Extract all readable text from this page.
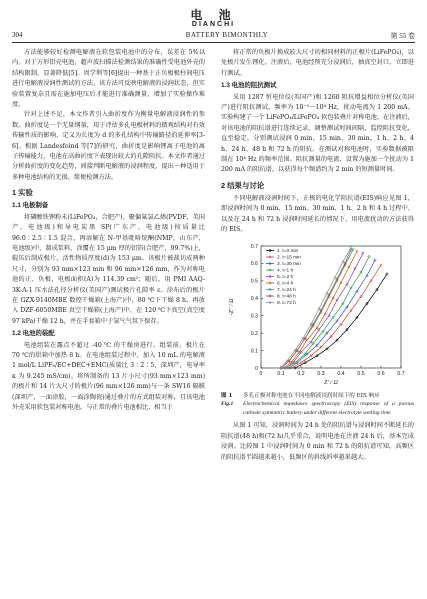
电 池
DIANCHI
304	BATTERY BIMONTHLY	第 55 卷

方法能够较好检测电解液在软包装电池中的分布，误差在 5%以内。对于方形铝壳电池，超声波扫描法检测结果的准确性受电池外壳的结构限制，显著降低[5]。周学利等[6]提出一种基于正负极极柱间电压进行电解液浸润性测试的方法。该方法可反映电解液的浸润状态，但实验装置复杂且需在施加电压后才能进行准确测量，增加了实验操作难度。

针对上述不足，本文作者引入曲折度作为衡量电解液浸润性的参数。曲折度是一个无量纲量，用于评估多孔电极材料的微观结构对有效传输性质的影响，定义为长度为 d 的多孔结构中传输路径的延伸率[3-6]。根据 Landesfeind 等[7]的研究，曲折度是影响锂离子电池的离子传输能力，电池在高曲折度下表现出较大的孔隙阻抗。本文作者通过分析曲折度的变化趋势，间接判断电解液的浸润程度，提出一种适用于多种电池结构的无损、简便检测方法。

1 实验
1.1 电极制备

将磷酸铁锂粉末(LiFePO₄，合肥产)、聚偏氟氯乙烯(PVDF，美国产，电池级)和导电炭黑 SP(广东产，电池级)按质量比 96.0∶2.5∶1.5 混合，再溶解在 N-甲基吡咯烷酮(NMP，山东产，电池级)中，制成浆料，涂覆在 15 μm 厚的铝箔(合肥产，99.7%)上，辊压后制成极片，活性物质厚度(d)为 153 μm。该极片被裁切成两种尺寸，分别为 93 mm×123 mm 和 96 mm×126 mm，作为对称电池的正、负极，电极面积(A)为 114.39 cm²；随后，用 PMI AAQ-3K-A-1 压水法孔径分析仪(美国产)测试极片孔隙率 ε。涂布后的极片在 GZX-9140MBE 数控干燥箱(上海产)中，80 ℃下干燥 8 h，再放入 DZF-6050MBE 真空干燥箱(上海产)中，在 120 ℃下真空(真空度 97 kPa)干燥 12 h，并在手套箱中于氩气气氛下保存。

1.2 电池的装配

电池组装在露点不超过 -40 ℃ 的干燥房进行。组装前，极片在 70 ℃的烘箱中加热 8 h。在电池组装过程中，加入 10 mL 的电解液 1 mol/L LiPF₆/EC+DEC+EMC(质量比 3∶2∶5，深圳产，电导率 κ 为 9.245 mS/cm)。将所制备的 13 片小尺寸(93 mm×123 mm)的极片和 14 片大尺寸的极片(96 mm×126 mm)与一条 SW16 隔膜(深圳产，一面涂胶，一面涂陶瓷)通过叠片的方式组装对称，且该电池外壳采用软包装对称电池。与正常的叠片电池相比，相当于

将正常的负极片换成较大尺寸的相同材料的正极片(LiFePO₄)，以免极片发生锂化。注液后，电池经预充分浸润后，抽真空封口，立即进行测试。

1.3 电池的阻抗测试

采用 1287 恒电位仪(英国产)和 1260 阻抗增益相位分析仪(英国产)进行阻抗测试，频率为 10⁻¹～10⁴ Hz，扰动电流为 1 200 mA。实验构建了一个 LiFePO₄/LiFePO₄ 软包装叠片对称电池。在注液后，对该电池的阻抗谱进行连续记录，调整测试时间间隔，监控阻抗变化，直至稳定。分别测试浸润 0 min、15 min、30 min、1 h、2 h、4 h、24 h、48 h 和 72 h 的阻抗。在测试对称电池时，实验数据被限制在 10⁴ Hz 的频率范围。阻抗测量的电流，设置为施加一个扰动为 1 200 mA 的阻抗谱，以获得每个频谱约为 2 min 的短测量时间。

2 结果与讨论

不同电解液浸润时间下，正极的电化学阻抗谱(EIS)响应见图 1，即浸润时间为 0 min、15 min、30 min、1 h、2 h 和 4 h 过程中，以及在 24 h 和 72 h 浸润时间延长的情况下，用电流扰动的方法获得的 EIS。

0	0.1 0.2 0.3 0.4 0.5 0.6 0.7
0
0.1
0.2
0.3
0.4
0.5
0.6
0.7
Z' / Ω
-Z'' / Ω
1. t=0 min
2. t=15 min
3. t=30 min
4. t=1 h
5. t=2 h
6. t=4 h
7. t=24 h
8. t=48 h
9. t=72 h
图 1	多孔正极对称电池在不同电解液浸润时间下的 EIS 响应
Fig.1	Electrochemical impedance spectroscopy (EIS) response of a porous cathode symmetric battery under different electrolyte wetting time

从图 1 可知，浸润时间为 24 h 处的阻抗谱与浸润时间不断延长的阻抗谱(48 h)和(72 h)几乎重合，说明电池在注液 24 h 后，基本完成浸润。比较图 1 中浸润时间为 0 min 和 72 h 的阻抗谱可知，高频区的阻抗谱半圆越来越小，低频区的斜线斜率越来越大。
